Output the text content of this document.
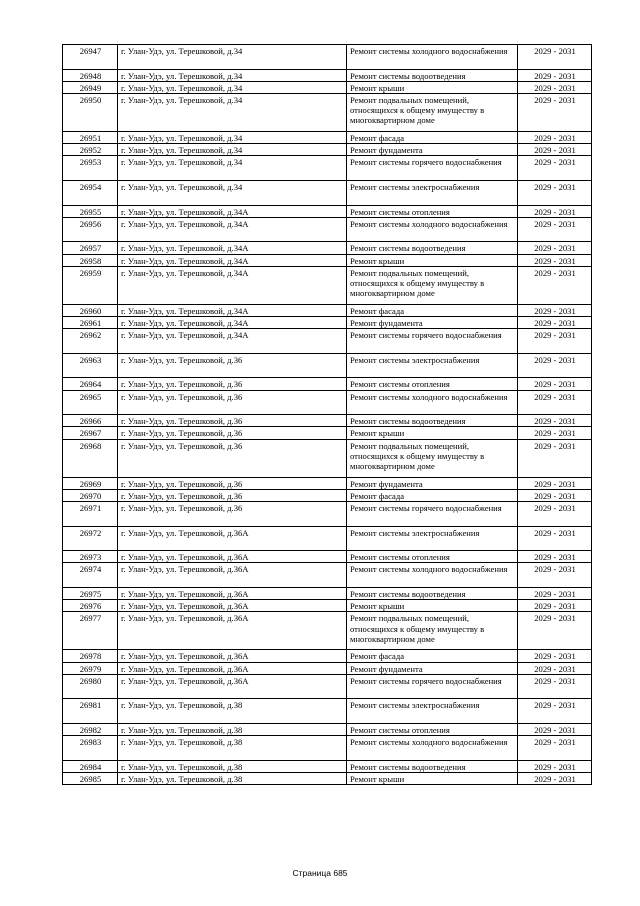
26947	г. Улан-Удэ, ул. Терешковой, д.34	Ремонт системы холодного водоснабжения	2029 - 2031
26948	г. Улан-Удэ, ул. Терешковой, д.34	Ремонт системы водоотведения	2029 - 2031
26949	г. Улан-Удэ, ул. Терешковой, д.34	Ремонт крыши	2029 - 2031
26950	г. Улан-Удэ, ул. Терешковой, д.34	Ремонт подвальных помещений, относящихся к общему имуществу в многоквартирном доме	2029 - 2031
26951	г. Улан-Удэ, ул. Терешковой, д.34	Ремонт фасада	2029 - 2031
26952	г. Улан-Удэ, ул. Терешковой, д.34	Ремонт фундамента	2029 - 2031
26953	г. Улан-Удэ, ул. Терешковой, д.34	Ремонт системы горячего водоснабжения	2029 - 2031
26954	г. Улан-Удэ, ул. Терешковой, д.34	Ремонт системы электроснабжения	2029 - 2031
26955	г. Улан-Удэ, ул. Терешковой, д.34А	Ремонт системы отопления	2029 - 2031
26956	г. Улан-Удэ, ул. Терешковой, д.34А	Ремонт системы холодного водоснабжения	2029 - 2031
26957	г. Улан-Удэ, ул. Терешковой, д.34А	Ремонт системы водоотведения	2029 - 2031
26958	г. Улан-Удэ, ул. Терешковой, д.34А	Ремонт крыши	2029 - 2031
26959	г. Улан-Удэ, ул. Терешковой, д.34А	Ремонт подвальных помещений, относящихся к общему имуществу в многоквартирном доме	2029 - 2031
26960	г. Улан-Удэ, ул. Терешковой, д.34А	Ремонт фасада	2029 - 2031
26961	г. Улан-Удэ, ул. Терешковой, д.34А	Ремонт фундамента	2029 - 2031
26962	г. Улан-Удэ, ул. Терешковой, д.34А	Ремонт системы горячего водоснабжения	2029 - 2031
26963	г. Улан-Удэ, ул. Терешковой, д.36	Ремонт системы электроснабжения	2029 - 2031
26964	г. Улан-Удэ, ул. Терешковой, д.36	Ремонт системы отопления	2029 - 2031
26965	г. Улан-Удэ, ул. Терешковой, д.36	Ремонт системы холодного водоснабжения	2029 - 2031
26966	г. Улан-Удэ, ул. Терешковой, д.36	Ремонт системы водоотведения	2029 - 2031
26967	г. Улан-Удэ, ул. Терешковой, д.36	Ремонт крыши	2029 - 2031
26968	г. Улан-Удэ, ул. Терешковой, д.36	Ремонт подвальных помещений, относящихся к общему имуществу в многоквартирном доме	2029 - 2031
26969	г. Улан-Удэ, ул. Терешковой, д.36	Ремонт фундамента	2029 - 2031
26970	г. Улан-Удэ, ул. Терешковой, д.36	Ремонт фасада	2029 - 2031
26971	г. Улан-Удэ, ул. Терешковой, д.36	Ремонт системы горячего водоснабжения	2029 - 2031
26972	г. Улан-Удэ, ул. Терешковой, д.36А	Ремонт системы электроснабжения	2029 - 2031
26973	г. Улан-Удэ, ул. Терешковой, д.36А	Ремонт системы отопления	2029 - 2031
26974	г. Улан-Удэ, ул. Терешковой, д.36А	Ремонт системы холодного водоснабжения	2029 - 2031
26975	г. Улан-Удэ, ул. Терешковой, д.36А	Ремонт системы водоотведения	2029 - 2031
26976	г. Улан-Удэ, ул. Терешковой, д.36А	Ремонт крыши	2029 - 2031
26977	г. Улан-Удэ, ул. Терешковой, д.36А	Ремонт подвальных помещений, относящихся к общему имуществу в многоквартирном доме	2029 - 2031
26978	г. Улан-Удэ, ул. Терешковой, д.36А	Ремонт фасада	2029 - 2031
26979	г. Улан-Удэ, ул. Терешковой, д.36А	Ремонт фундамента	2029 - 2031
26980	г. Улан-Удэ, ул. Терешковой, д.36А	Ремонт системы горячего водоснабжения	2029 - 2031
26981	г. Улан-Удэ, ул. Терешковой, д.38	Ремонт системы электроснабжения	2029 - 2031
26982	г. Улан-Удэ, ул. Терешковой, д.38	Ремонт системы отопления	2029 - 2031
26983	г. Улан-Удэ, ул. Терешковой, д.38	Ремонт системы холодного водоснабжения	2029 - 2031
26984	г. Улан-Удэ, ул. Терешковой, д.38	Ремонт системы водоотведения	2029 - 2031
26985	г. Улан-Удэ, ул. Терешковой, д.38	Ремонт крыши	2029 - 2031
Страница 685
